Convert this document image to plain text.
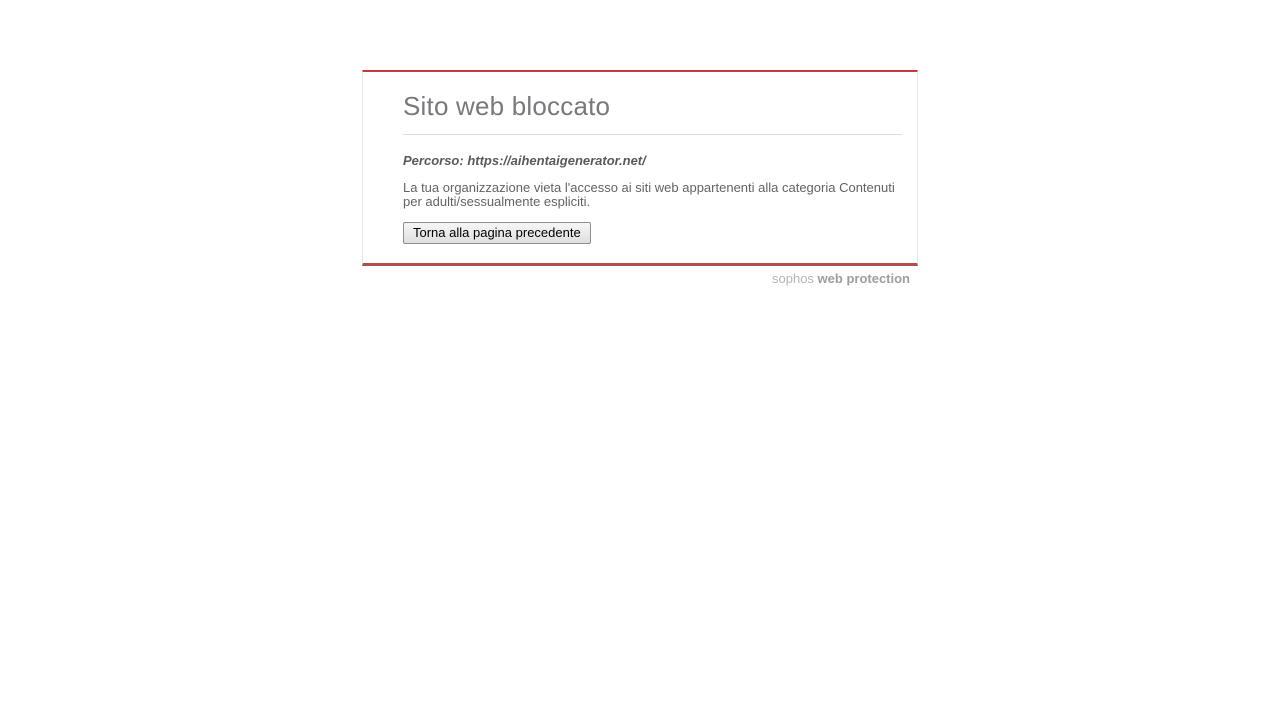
Sito web bloccato

Percorso: https://aihentaigenerator.net/

La tua organizzazione vieta l'accesso ai siti web appartenenti alla categoria Contenuti per adulti/sessualmente espliciti.

Torna alla pagina precedente
sophos web protection
